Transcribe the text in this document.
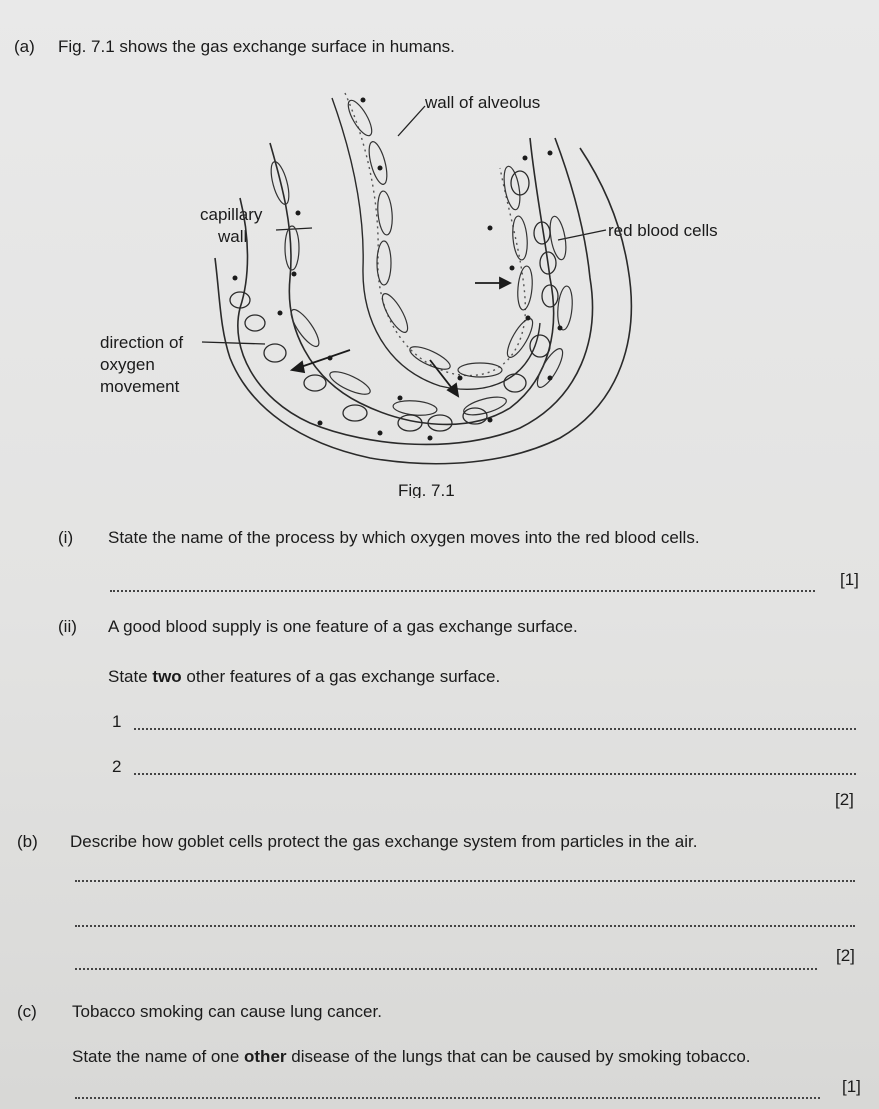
(a) Fig. 7.1 shows the gas exchange surface in humans.
wall of alveolus
capillary
wall	red blood cells
direction of
oxygen
movement
Fig. 7.1
(i) State the name of the process by which oxygen moves into the red blood cells.
[1]
(ii) A good blood supply is one feature of a gas exchange surface.
State two other features of a gas exchange surface.
1
2
[2]
(b) Describe how goblet cells protect the gas exchange system from particles in the air.
[2]
(c) Tobacco smoking can cause lung cancer.
State the name of one other disease of the lungs that can be caused by smoking tobacco.
[1]
